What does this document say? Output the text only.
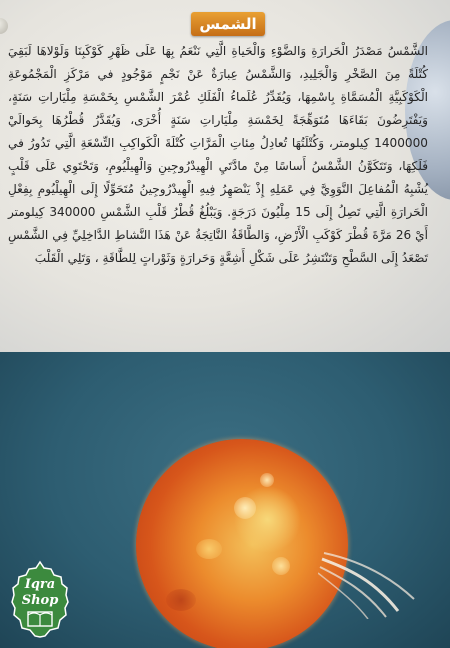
الشمس

الشَّمْسُ مَصْدَرُ الْحَرارَةِ وَالضَّوْءِ وَالْحَياةِ الَّتِي نَنْعَمُ بِهَا عَلَى ظَهْرِ كَوْكَبِنَا وَلَوْلاهَا لَبَقِيَ كُتْلَةً مِنَ الصَّخْرِ وَالْجَلِيدِ، وَالشَّمْسُ عِبارَةٌ عَنْ نَجْمٍ مَوْجُودٍ في مَرْكَزِ الْمَجْمُوعَةِ الْكَوْكَبِيَّةِ الْمُسَمَّاةِ بِاسْمِهَا، وَيُقَدِّرُ عُلَماءُ الْفَلَكِ عُمْرَ الشَّمْسِ بِخَمْسَةِ مِلْيَاراتِ سَنَةٍ، وَيَفْتَرِضُونَ بَقَاءَهَا مُتَوَهِّجَةً لِخَمْسَةِ مِلْيَاراتِ سَنَةٍ أُخْرَى، وَيُقَدَّرُ قُطْرُهَا بِحَوالَيْ 1400000 كِيلومتر، وَكُتْلَتُهَا تُعادِلُ مِئاتِ الْمَرَّاتِ كُتْلَةَ الْكَواكِبِ التِّسْعَةِ الَّتِي تَدُورُ في فَلَكِهَا، وَتَتَكَوَّنُ الشَّمْسُ أَساسًا مِنْ مادَّتَيِ الْهِيدْرُوجِينِ وَالْهِيلْيُومِ، وَتَحْتَوِي عَلَى قَلْبٍ يُشْبِهُ الْمُفاعِلَ النَّوَوِيَّ فِي عَمَلِهِ إِذْ يَنْصَهِرُ فِيهِ الْهِيدْرُوجِينُ مُتَحَوِّلًا إِلَى الْهِيلْيُومِ بِفِعْلِ الْحَرارَةِ الَّتِي تَصِلُ إِلَى 15 مِلْيُونَ دَرَجَةٍ. وَيَبْلُغُ قُطْرُ قَلْبِ الشَّمْسِ 340000 كِيلومتر أَيْ 26 مَرَّةَ قُطْرَ كَوْكَبِ الْأَرْضِ، وَالطَّاقَةُ النَّاتِجَةُ عَنْ هَذَا النَّشاطِ الدَّاخِلِيِّ فِي الشَّمْسِ تَصْعَدُ إِلَى السَّطْحِ وَتَنْتَشِرُ عَلَى شَكْلِ أَشِعَّةٍ وَحَرارَةٍ وَثَوْراتٍ لِلطَّاقَةِ ، وَتَلِي الْقَلْبَ

Iqra
Shop
